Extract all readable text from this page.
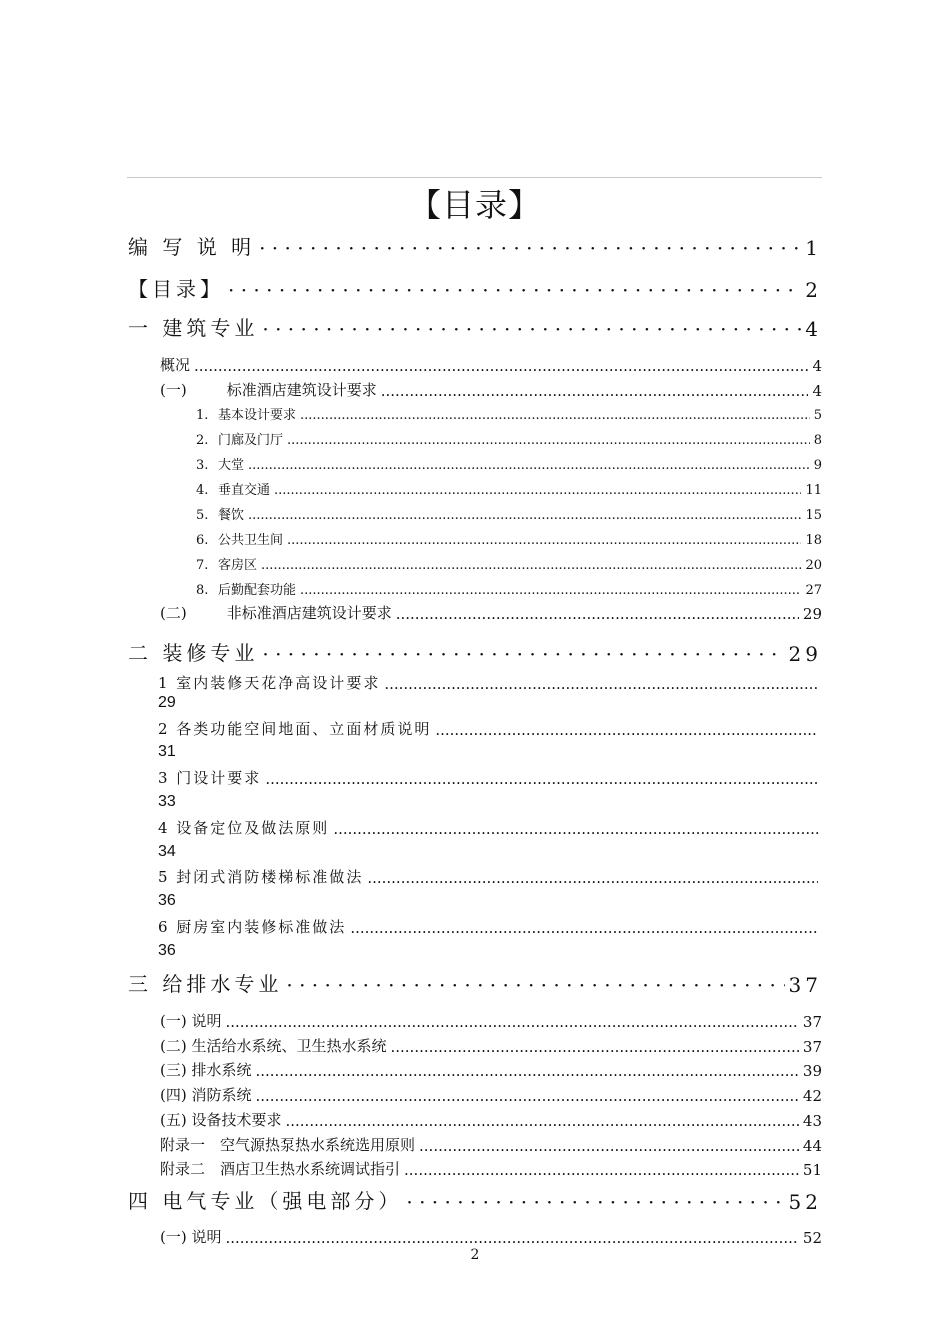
【目录】
编 写 说 明 · · ·	1
【目录】 · · ·	2
一 建筑专业 · · ·	4
概况 .....	4
(一)	标准酒店建筑设计要求 .....	4
1. 基本设计要求 .....	5
2. 门廊及门厅 .....	8
3. 大堂 .....	9
4. 垂直交通 .....	11
5. 餐饮 .....	15
6. 公共卫生间 .....	18
7. 客房区 .....	20
8. 后勤配套功能 .....	27
(二)	非标准酒店建筑设计要求 .....	29
二 装修专业 · · ·	29
1 室内装修天花净高设计要求
.....
29
2 各类功能空间地面、立面材质说明
.....
31
3 门设计要求
.....
33
4 设备定位及做法原则
.....
34
5 封闭式消防楼梯标准做法
.....
36
6 厨房室内装修标准做法
.....
36
三 给排水专业 · · ·	37
(一) 说明 .....	37
(二) 生活给水系统、卫生热水系统 .....	37
(三) 排水系统 .....	39
(四) 消防系统 .....	42
(五) 设备技术要求 .....	43
附录一　空气源热泵热水系统选用原则 .....	44
附录二　酒店卫生热水系统调试指引 .....	51
四 电气专业（强电部分） · · ·	52
(一) 说明 .....	52
2
